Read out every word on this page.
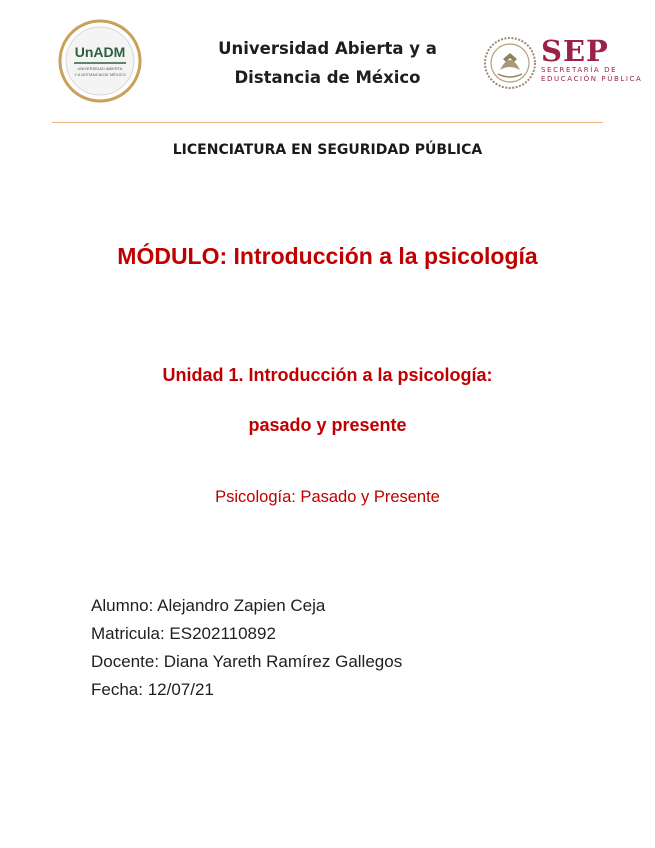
UnADM
UNIVERSIDAD ABIERTA
Y A DISTANCIA DE MÉXICO
Universidad Abierta y a
Distancia de México
SEP
SECRETARÍA DE
EDUCACIÓN PÚBLICA
LICENCIATURA EN SEGURIDAD PÚBLICA
MÓDULO: Introducción a la psicología
Unidad 1. Introducción a la psicología:
pasado y presente
Psicología: Pasado y Presente
Alumno: Alejandro Zapien Ceja
Matricula: ES202110892
Docente: Diana Yareth Ramírez Gallegos
Fecha: 12/07/21
